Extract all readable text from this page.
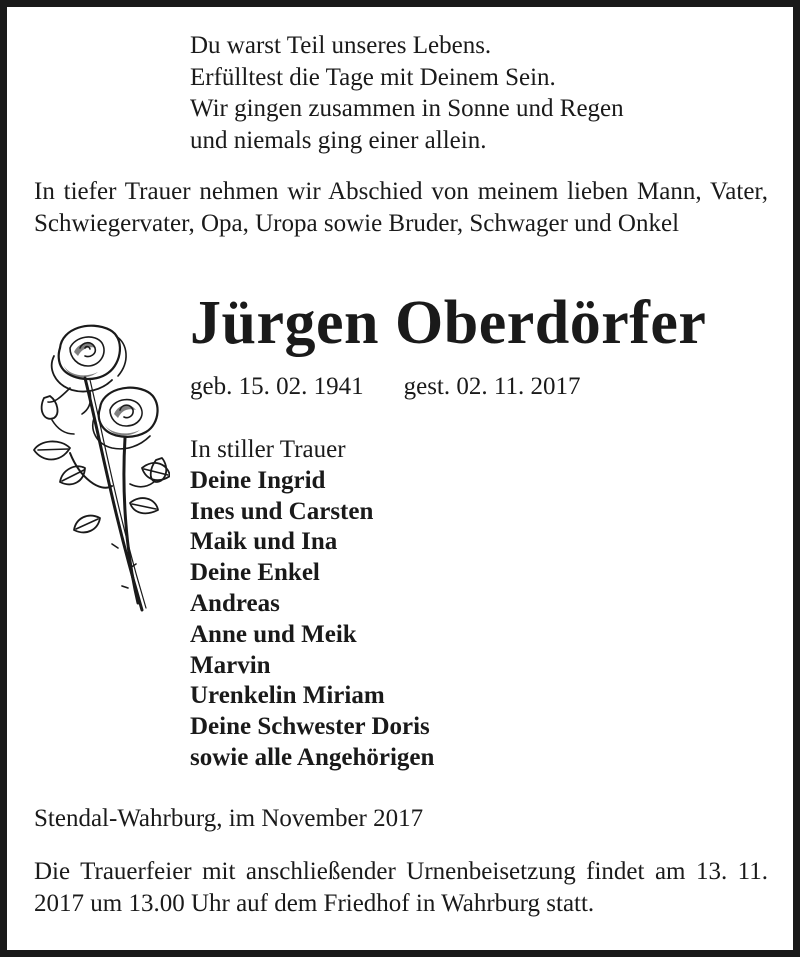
Du warst Teil unseres Lebens.
Erfülltest die Tage mit Deinem Sein.
Wir gingen zusammen in Sonne und Regen
und niemals ging einer allein.
In tiefer Trauer nehmen wir Abschied von meinem lieben Mann, Vater, Schwiegervater, Opa, Uropa sowie Bruder, Schwager und Onkel
Jürgen Oberdörfer
geb. 15. 02. 1941 gest. 02. 11. 2017
In stiller Trauer
Deine Ingrid
Ines und Carsten
Maik und Ina
Deine Enkel
Andreas
Anne und Meik
Marvin
Urenkelin Miriam
Deine Schwester Doris
sowie alle Angehörigen
Stendal-Wahrburg, im November 2017
Die Trauerfeier mit anschließender Urnenbeisetzung findet am 13. 11. 2017 um 13.00 Uhr auf dem Friedhof in Wahrburg statt.
